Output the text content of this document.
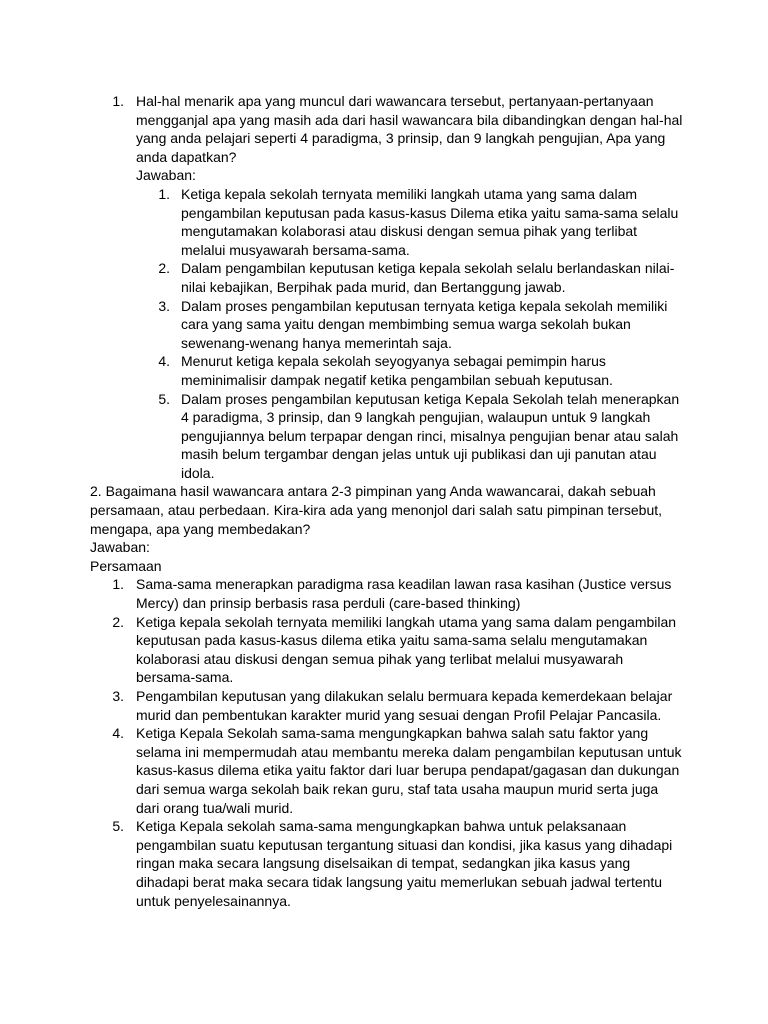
1. Hal-hal menarik apa yang muncul dari wawancara tersebut, pertanyaan-pertanyaan mengganjal apa yang masih ada dari hasil wawancara bila dibandingkan dengan hal-hal yang anda pelajari seperti 4 paradigma, 3 prinsip, dan 9 langkah pengujian, Apa yang anda dapatkan?
Jawaban:
1. Ketiga kepala sekolah ternyata memiliki langkah utama yang sama dalam pengambilan keputusan pada kasus-kasus Dilema etika yaitu sama-sama selalu mengutamakan kolaborasi atau diskusi dengan semua pihak yang terlibat melalui musyawarah bersama-sama.
2. Dalam pengambilan keputusan ketiga kepala sekolah selalu berlandaskan nilai-nilai kebajikan, Berpihak pada murid, dan Bertanggung jawab.
3. Dalam proses pengambilan keputusan ternyata ketiga kepala sekolah memiliki cara yang sama yaitu dengan membimbing semua warga sekolah bukan sewenang-wenang hanya memerintah saja.
4. Menurut ketiga kepala sekolah seyogyanya sebagai pemimpin harus meminimalisir dampak negatif ketika pengambilan sebuah keputusan.
5. Dalam proses pengambilan keputusan ketiga Kepala Sekolah telah menerapkan 4 paradigma, 3 prinsip, dan 9 langkah pengujian, walaupun untuk 9 langkah pengujiannya belum terpapar dengan rinci, misalnya pengujian benar atau salah masih belum tergambar dengan jelas untuk uji publikasi dan uji panutan atau idola.
2. Bagaimana hasil wawancara antara 2-3 pimpinan yang Anda wawancarai, dakah sebuah persamaan, atau perbedaan. Kira-kira ada yang menonjol dari salah satu pimpinan tersebut, mengapa, apa yang membedakan?
Jawaban:
Persamaan
1. Sama-sama menerapkan paradigma rasa keadilan lawan rasa kasihan (Justice versus Mercy) dan prinsip berbasis rasa perduli (care-based thinking)
2. Ketiga kepala sekolah ternyata memiliki langkah utama yang sama dalam pengambilan keputusan pada kasus-kasus dilema etika yaitu sama-sama selalu mengutamakan kolaborasi atau diskusi dengan semua pihak yang terlibat melalui musyawarah bersama-sama.
3. Pengambilan keputusan yang dilakukan selalu bermuara kepada kemerdekaan belajar murid dan pembentukan karakter murid yang sesuai dengan Profil Pelajar Pancasila.
4. Ketiga Kepala Sekolah sama-sama mengungkapkan bahwa salah satu faktor yang selama ini mempermudah atau membantu mereka dalam pengambilan keputusan untuk kasus-kasus dilema etika yaitu faktor dari luar berupa pendapat/gagasan dan dukungan dari semua warga sekolah baik rekan guru, staf tata usaha maupun murid serta juga dari orang tua/wali murid.
5. Ketiga Kepala sekolah sama-sama mengungkapkan bahwa untuk pelaksanaan pengambilan suatu keputusan tergantung situasi dan kondisi, jika kasus yang dihadapi ringan maka secara langsung diselsaikan di tempat, sedangkan jika kasus yang dihadapi berat maka secara tidak langsung yaitu memerlukan sebuah jadwal tertentu untuk penyelesainannya.
